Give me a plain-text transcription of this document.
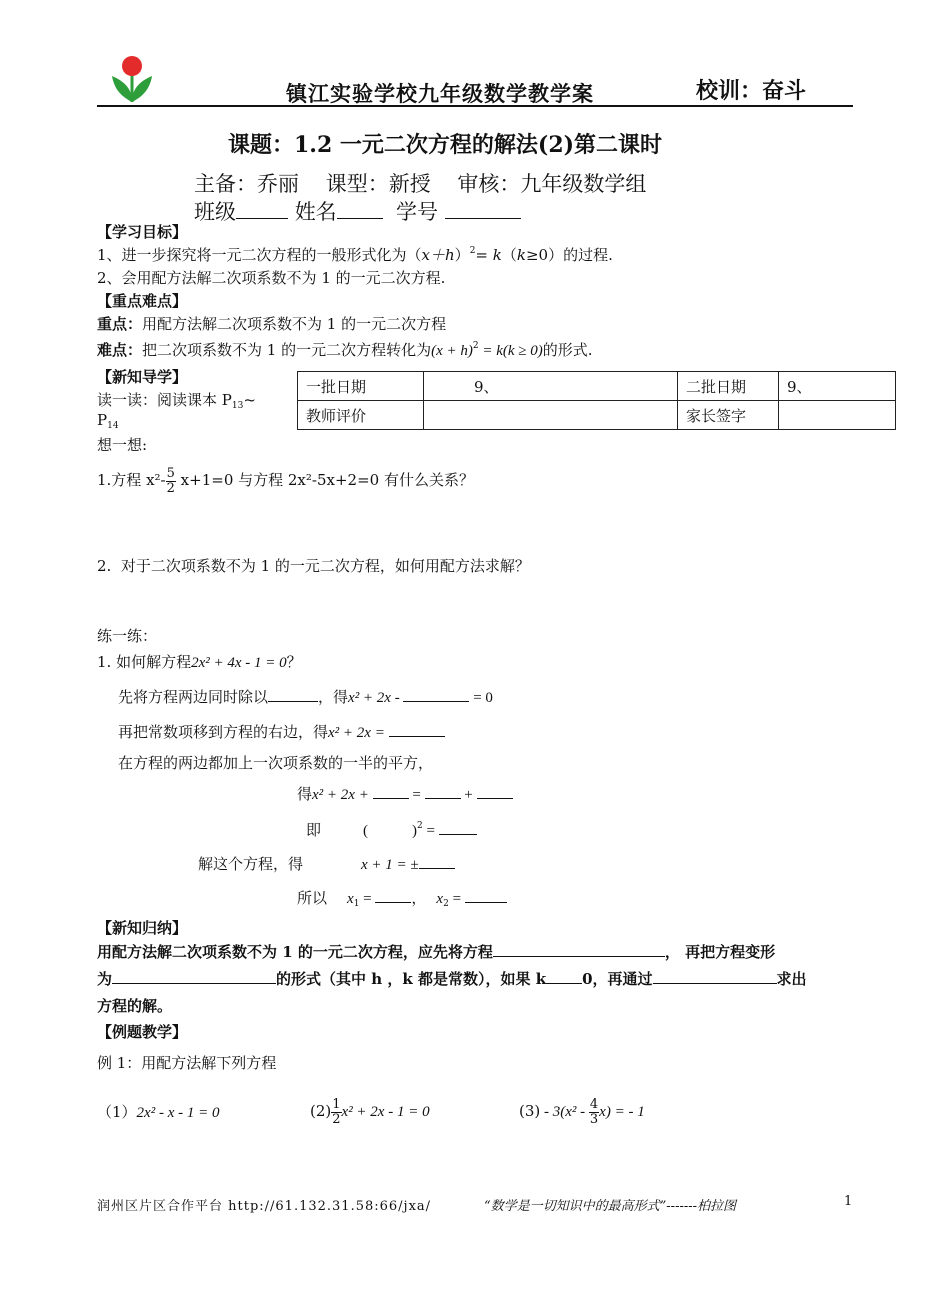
镇江实验学校九年级数学教学案	校训：奋斗
课题：1.2 一元二次方程的解法(2)第二课时
主备：乔丽    课型：新授    审核：九年级数学组
班级	姓名	学号
【学习目标】
1、进一步探究将一元二次方程的一般形式化为$(x+h)^2= k(k\ge 0)$的过程.
2、会用配方法解二次项系数不为 1 的一元二次方程.
【重点难点】
重点：用配方法解二次项系数不为 1 的一元二次方程
难点：把二次项系数不为 1 的一元二次方程转化为$(x + h)^2 = k(k \ge 0)$的形式.
【新知导学】
读一读：阅读课本 $P_{13}\sim$
$P_{14}$
想一想:
一批日期	9、	二批日期	9、
教师评价		家长签字	
1.方程 $x^2- \frac{5}{2} x+1=0$ 与方程 2x²-5x+2=0 有什么关系？
2.  对于二次项系数不为 1 的一元二次方程，如何用配方法求解？
练一练：
1. 如何解方程2x² + 4x - 1 = 0？
先将方程两边同时除以	，得x² + 2x -	= 0
再把常数项移到方程的右边，得x² + 2x =
在方程的两边都加上一次项系数的一半的平方，
得x² + 2x +  =  +
即	(	)$^2$ =
解这个方程，得	x + 1 = ±
所以 $x_1$ = ， $x_2$ =
【新知归纳】
用配方法解二次项系数不为 1 的一元二次方程，应先将方程	， 再把方程变形
为	的形式（其中 h ，k 都是常数），如果 k 0，再通过	求出
方程的解。
【例题教学】
例 1：用配方法解下列方程
（1）2x² - x - 1 = 0	$(2) \frac{1}{2} x^2 + 2x - 1 = 0$	$(3) - 3(x^2 - \frac{4}{3} x)$ = - 1
润州区片区合作平台 http://61.132.31.58:66/jxa/	“数学是一切知识中的最高形式”-------柏拉图	1
